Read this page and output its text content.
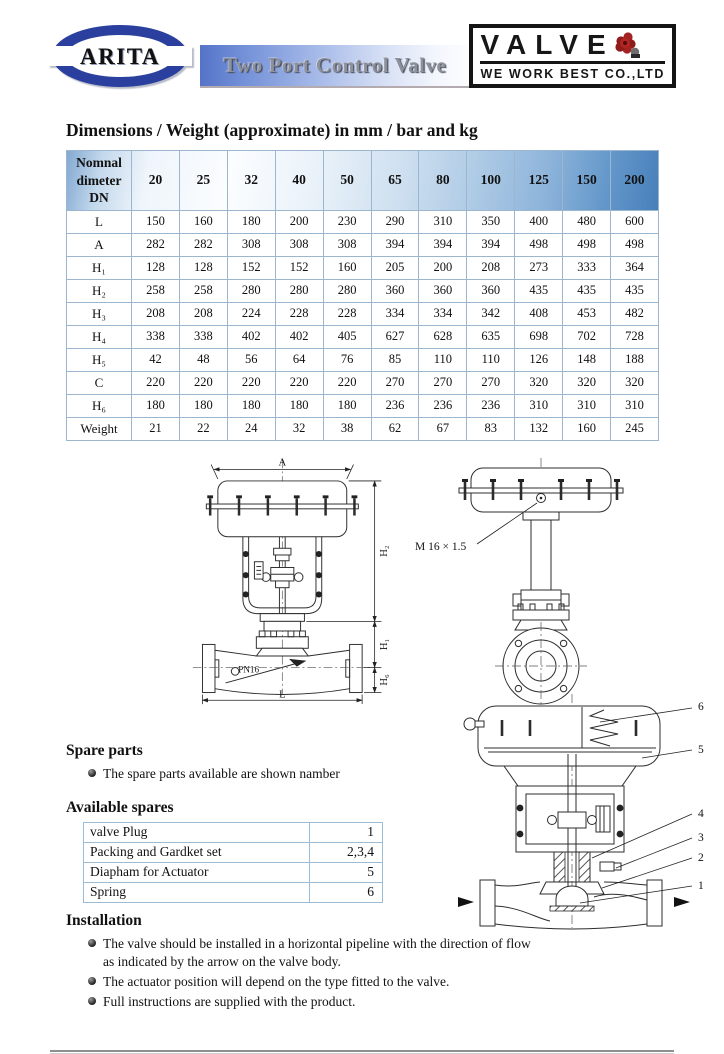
ARITA	Two Port Control Valve
VALVE
WE WORK BEST CO.,LTD
Dimensions / Weight (approximate) in mm / bar and kg
Nomnal
dimeter DN	20	25	32	40	50	65	80	100	125	150	200
L	150	160	180	200	230	290	310	350	400	480	600
A	282	282	308	308	308	394	394	394	498	498	498
H₁	128	128	152	152	160	205	200	208	273	333	364
H₂	258	258	280	280	280	360	360	360	435	435	435
H₃	208	208	224	228	228	334	334	342	408	453	482
H₄	338	338	402	402	405	627	628	635	698	702	728
H₅	42	48	56	64	76	85	110	110	126	148	188
C	220	220	220	220	220	270	270	270	320	320	320
H₆	180	180	180	180	180	236	236	236	310	310	310
Weight	21	22	24	32	38	62	67	83	132	160	245
A
PN16
L
H₂
H₁
H₆
M 16 × 1.5
Spare parts
The spare parts available are shown namber
Available spares
valve Plug	1
Packing and Gardket set	2,3,4
Diapham for Actuator	5
Spring	6
Installation
The valve should be installed in a horizontal pipeline with the direction of flow as indicated by the arrow on the valve body.
The actuator position will depend on the type fitted to the valve.
Full instructions are supplied with the product.
6
5
4
3
2
1
